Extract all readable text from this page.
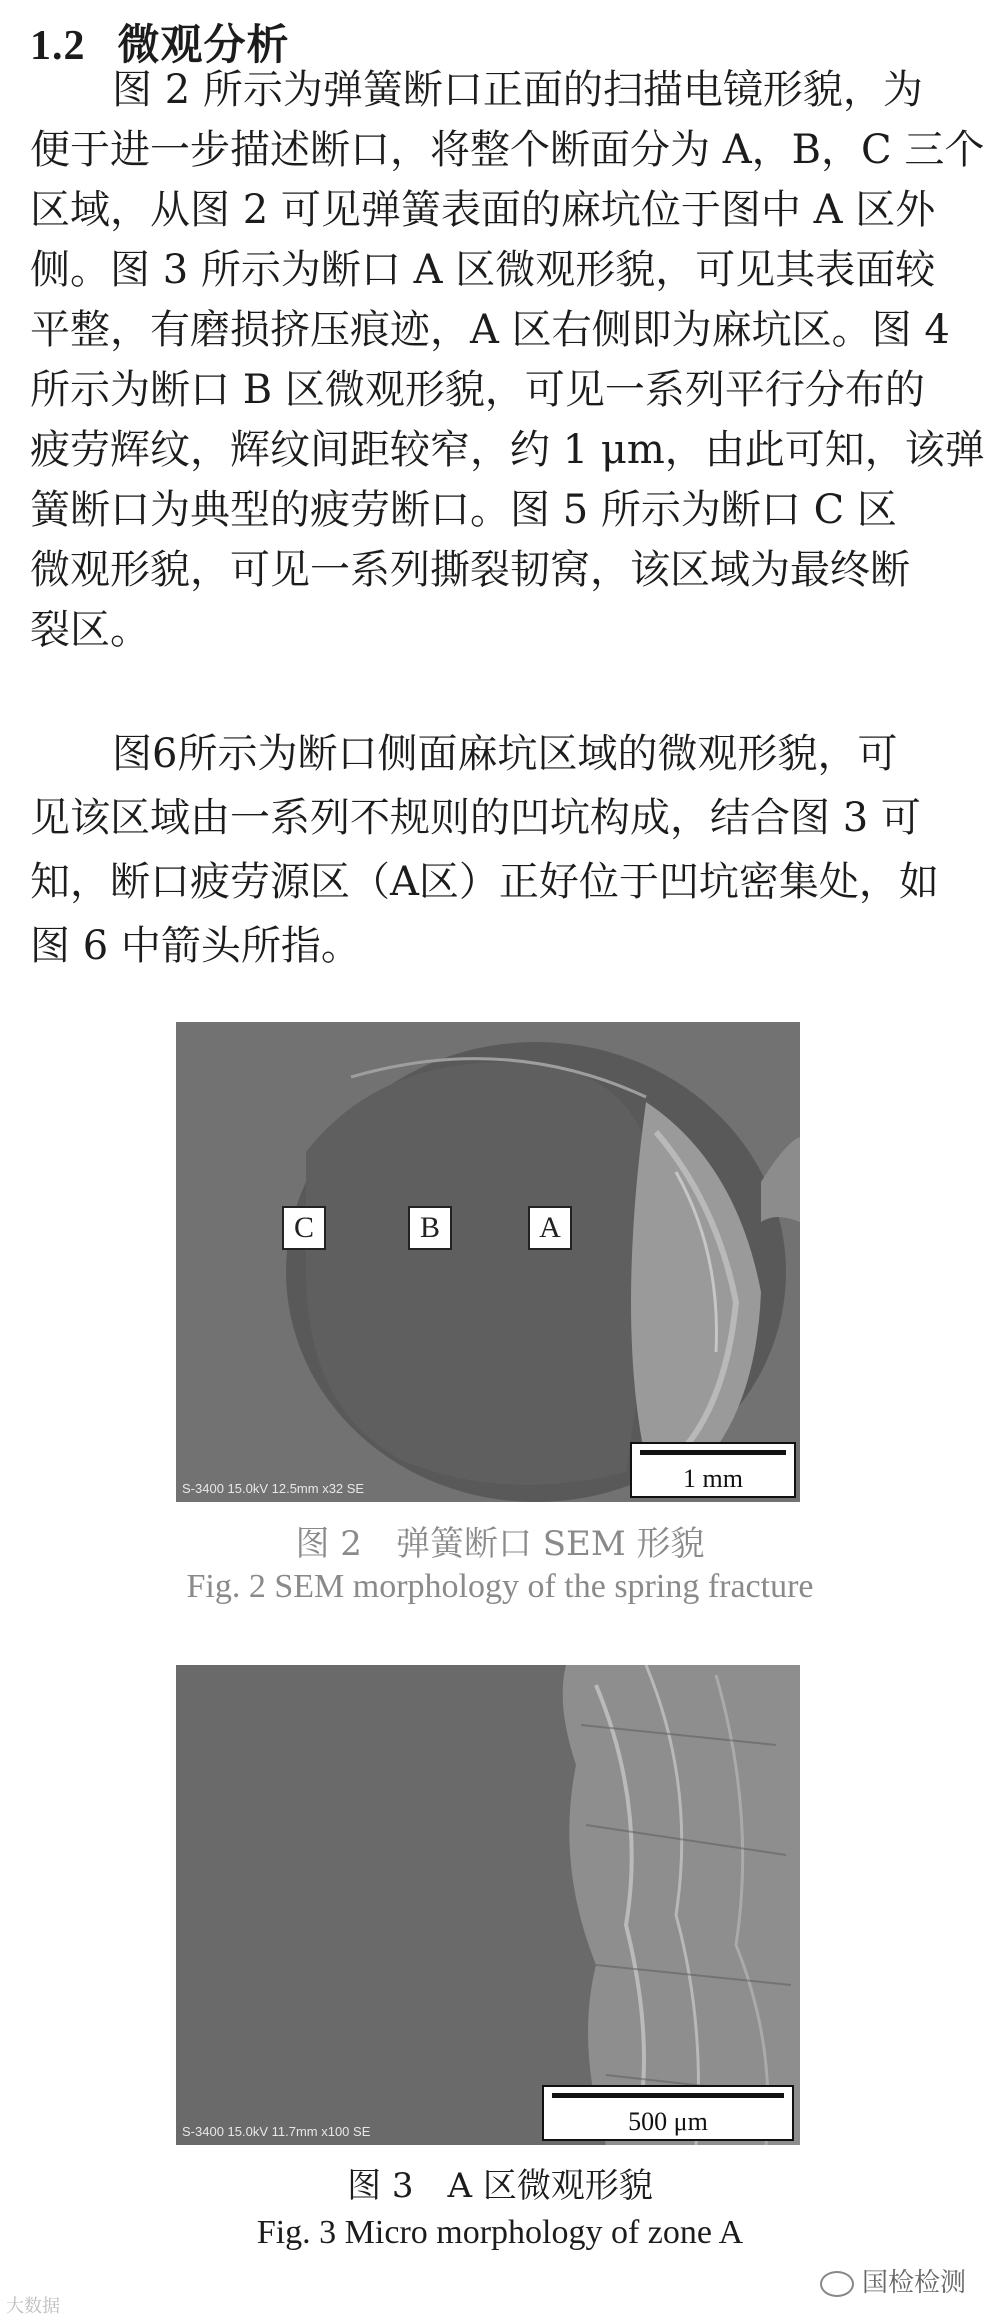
1.2 微观分析
图 2 所示为弹簧断口正面的扫描电镜形貌，为
便于进一步描述断口，将整个断面分为 A，B，C 三个
区域，从图 2 可见弹簧表面的麻坑位于图中 A 区外
侧。图 3 所示为断口 A 区微观形貌，可见其表面较
平整，有磨损挤压痕迹，A 区右侧即为麻坑区。图 4
所示为断口 B 区微观形貌，可见一系列平行分布的
疲劳辉纹，辉纹间距较窄，约 1 μm，由此可知，该弹
簧断口为典型的疲劳断口。图 5 所示为断口 C 区
微观形貌，可见一系列撕裂韧窝，该区域为最终断
裂区。
图6所示为断口侧面麻坑区域的微观形貌，可
见该区域由一系列不规则的凹坑构成，结合图 3 可
知，断口疲劳源区（A区）正好位于凹坑密集处，如
图 6 中箭头所指。
C	B	A
S-3400 15.0kV 12.5mm x32 SE	1 mm
图 2　弹簧断口 SEM 形貌
Fig. 2 SEM morphology of the spring fracture
S-3400 15.0kV 11.7mm x100 SE	500 μm
图 3　A 区微观形貌
Fig. 3 Micro morphology of zone A
大数据
国检检测
